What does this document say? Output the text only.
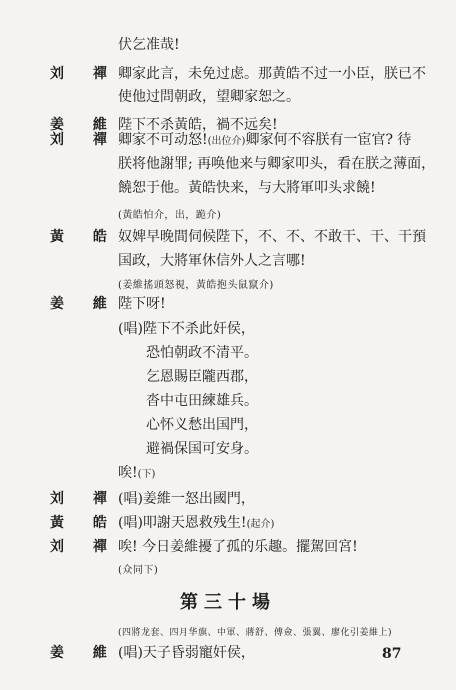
伏乞准哉!
刘 禪 卿家此言，未免过虑。那黄皓不过一小臣，朕已不
使他过問朝政，望卿家恕之。
姜 維 陛下不杀黃皓，禍不远矣!
刘 禪 卿家不可动怒!(出位介)卿家何不容朕有一宦官? 待
朕将他謝罪; 再唤他来与卿家叩头，看在朕之薄面，
饒恕于他。黃皓快来，与大將軍叩头求饒!
(黃皓怕介，出，跪介)
黃 皓 奴婢早晚間伺候陛下，不、不、不敢干、干、干預
国政，大將軍休信外人之言哪!
(姜維搖頭怒視，黃皓抱头鼠竄介)
姜 維 陛下呀!
(唱)陛下不杀此奸侯，
恐怕朝政不清平。
乞恩賜臣隴西郡，
沓中屯田練雄兵。
心怀义愁出国門，
避禍保国可安身。
唉!(下)
刘 禪 (唱)姜維一怒出國門，
黃 皓 (唱)叩謝天恩救残生!(起介)
刘 禪 唉! 今日姜維擾了孤的乐趣。擺駕回宮!
(众同下)
第三十場
(四將龙套、四月华旗、中軍、蔣舒、傅僉、張翼、廖化引姜維上)
姜 維 (唱)天子昏弱寵奸侯，	87
